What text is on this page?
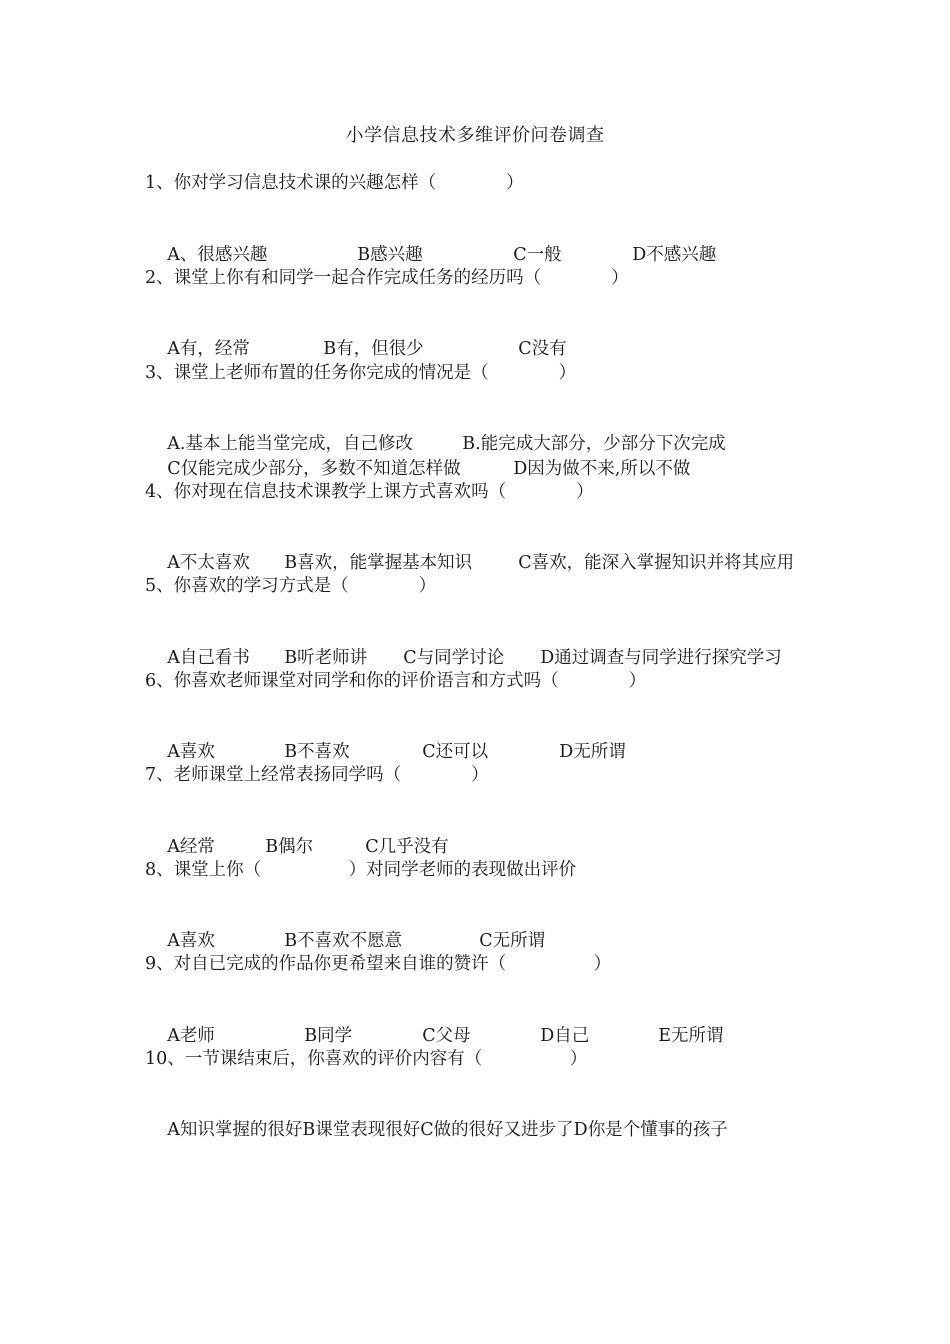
小学信息技术多维评价问卷调查
1、你对学习信息技术课的兴趣怎样（　　　　）

A、很感兴趣	B感兴趣	C一般	D不感兴趣

2、课堂上你有和同学一起合作完成任务的经历吗（　　　　）

A有，经常	B有，但很少	C没有

3、课堂上老师布置的任务你完成的情况是（　　　　）

A.基本上能当堂完成，自己修改	B.能完成大部分，少部分下次完成

C仅能完成少部分，多数不知道怎样做	D因为做不来,所以不做

4、你对现在信息技术课教学上课方式喜欢吗（　　　　）

A不太喜欢 B喜欢，能掌握基本知识	C喜欢，能深入掌握知识并将其应用

5、你喜欢的学习方式是（　　　　）

A自己看书 B听老师讲 C与同学讨论 D通过调查与同学进行探究学习

6、你喜欢老师课堂对同学和你的评价语言和方式吗（　　　　）

A喜欢	B不喜欢	C还可以	D无所谓

7、老师课堂上经常表扬同学吗（　　　　）

A经常	B偶尔	C几乎没有

8、课堂上你（　　　　　）对同学老师的表现做出评价

A喜欢	B不喜欢不愿意	C无所谓

9、对自已完成的作品你更希望来自谁的赞许（　　　　　）

A老师	B同学	C父母	D自己	E无所谓

10、一节课结束后，你喜欢的评价内容有（　　　　　）

A知识掌握的很好B课堂表现很好C做的很好又进步了D你是个懂事的孩子
